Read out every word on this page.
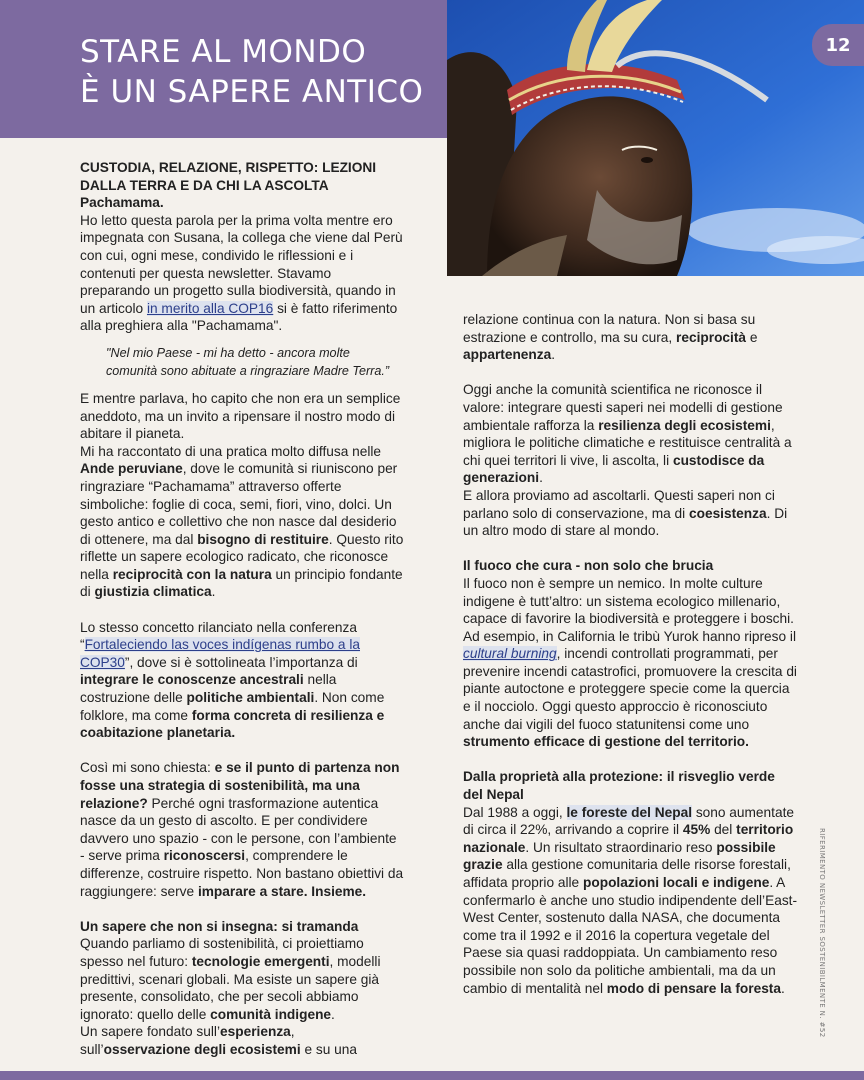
STARE AL MONDO
È UN SAPERE ANTICO
12

CUSTODIA, RELAZIONE, RISPETTO: LEZIONI DALLA TERRA E DA CHI LA ASCOLTA

Pachamama.

Ho letto questa parola per la prima volta mentre ero impegnata con Susana, la collega che viene dal Perù con cui, ogni mese, condivido le riflessioni e i contenuti per questa newsletter. Stavamo preparando un progetto sulla biodiversità, quando in un articolo in merito alla COP16 si è fatto riferimento alla preghiera alla "Pachamama".

"Nel mio Paese - mi ha detto - ancora molte comunità sono abituate a ringraziare Madre Terra.”

E mentre parlava, ho capito che non era un semplice aneddoto, ma un invito a ripensare il nostro modo di abitare il pianeta.

Mi ha raccontato di una pratica molto diffusa nelle Ande peruviane, dove le comunità si riuniscono per ringraziare “Pachamama” attraverso offerte simboliche: foglie di coca, semi, fiori, vino, dolci. Un gesto antico e collettivo che non nasce dal desiderio di ottenere, ma dal bisogno di restituire. Questo rito riflette un sapere ecologico radicato, che riconosce nella reciprocità con la natura un principio fondante di giustizia climatica.

Lo stesso concetto rilanciato nella conferenza “Fortaleciendo las voces indígenas rumbo a la COP30”, dove si è sottolineata l’importanza di integrare le conoscenze ancestrali nella costruzione delle politiche ambientali. Non come folklore, ma come forma concreta di resilienza e coabitazione planetaria.

Così mi sono chiesta: e se il punto di partenza non fosse una strategia di sostenibilità, ma una relazione? Perché ogni trasformazione autentica nasce da un gesto di ascolto. E per condividere davvero uno spazio - con le persone, con l’ambiente - serve prima riconoscersi, comprendere le differenze, costruire rispetto. Non bastano obiettivi da raggiungere: serve imparare a stare. Insieme.

Un sapere che non si insegna: si tramanda

Quando parliamo di sostenibilità, ci proiettiamo spesso nel futuro: tecnologie emergenti, modelli predittivi, scenari globali. Ma esiste un sapere già presente, consolidato, che per secoli abbiamo ignorato: quello delle comunità indigene.

Un sapere fondato sull’esperienza, sull’osservazione degli ecosistemi e su una

relazione continua con la natura. Non si basa su estrazione e controllo, ma su cura, reciprocità e appartenenza.

Oggi anche la comunità scientifica ne riconosce il valore: integrare questi saperi nei modelli di gestione ambientale rafforza la resilienza degli ecosistemi, migliora le politiche climatiche e restituisce centralità a chi quei territori li vive, li ascolta, li custodisce da generazioni.

E allora proviamo ad ascoltarli. Questi saperi non ci parlano solo di conservazione, ma di coesistenza. Di un altro modo di stare al mondo.

Il fuoco che cura - non solo che brucia

Il fuoco non è sempre un nemico. In molte culture indigene è tutt’altro: un sistema ecologico millenario, capace di favorire la biodiversità e proteggere i boschi. Ad esempio, in California le tribù Yurok hanno ripreso il cultural burning, incendi controllati programmati, per prevenire incendi catastrofici, promuovere la crescita di piante autoctone e proteggere specie come la quercia e il nocciolo. Oggi questo approccio è riconosciuto anche dai vigili del fuoco statunitensi come uno strumento efficace di gestione del territorio.

Dalla proprietà alla protezione: il risveglio verde del Nepal

Dal 1988 a oggi, le foreste del Nepal sono aumentate di circa il 22%, arrivando a coprire il 45% del territorio nazionale. Un risultato straordinario reso possibile grazie alla gestione comunitaria delle risorse forestali, affidata proprio alle popolazioni locali e indigene. A confermarlo è anche uno studio indipendente dell’East-West Center, sostenuto dalla NASA, che documenta come tra il 1992 e il 2016 la copertura vegetale del Paese sia quasi raddoppiata. Un cambiamento reso possibile non solo da politiche ambientali, ma da un cambio di mentalità nel modo di pensare la foresta.	RIFERIMENTO NEWSLETTER SOSTENIBILMENTE N. #52
